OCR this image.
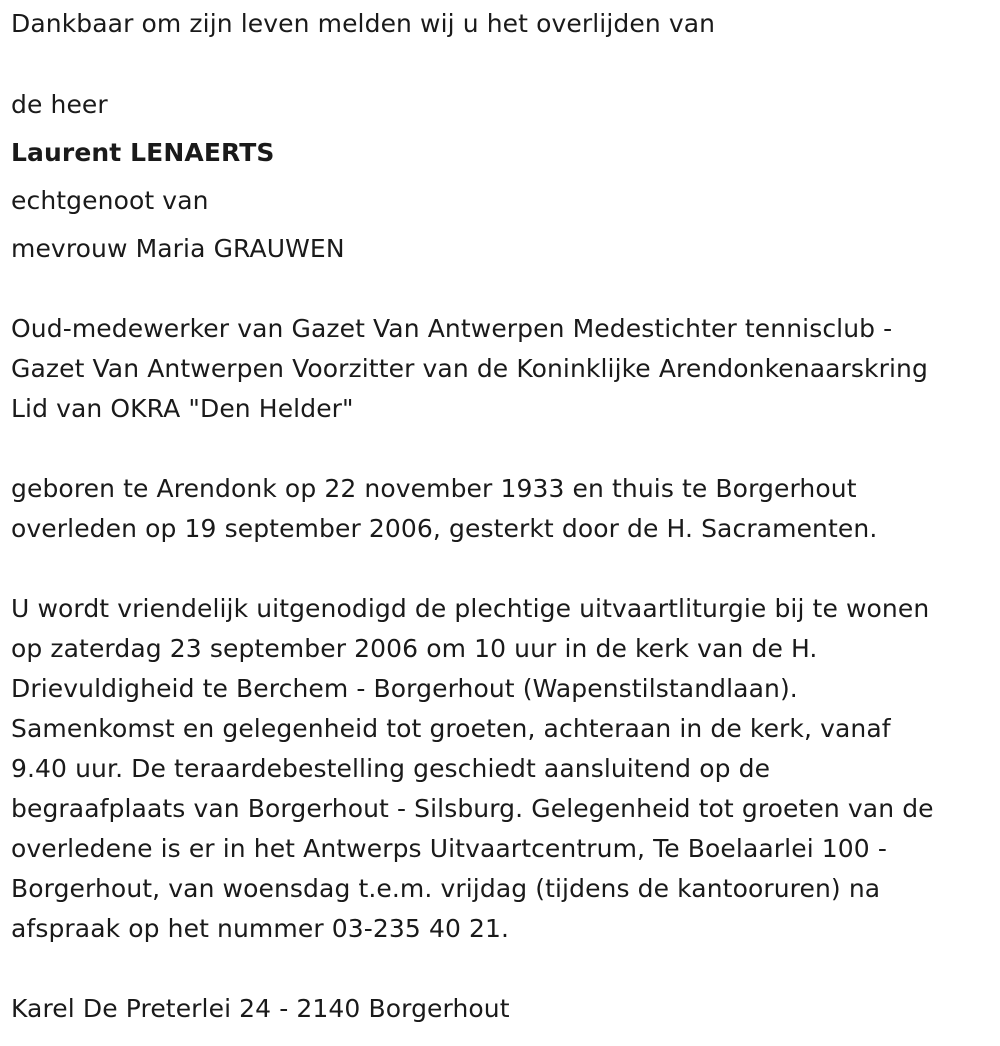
Dankbaar om zijn leven melden wij u het overlijden van
de heer
Laurent LENAERTS
echtgenoot van
mevrouw Maria GRAUWEN
Oud-medewerker van Gazet Van Antwerpen Medestichter tennisclub -
Gazet Van Antwerpen Voorzitter van de Koninklijke Arendonkenaarskring
Lid van OKRA "Den Helder"
geboren te Arendonk op 22 november 1933 en thuis te Borgerhout
overleden op 19 september 2006, gesterkt door de H. Sacramenten.
U wordt vriendelijk uitgenodigd de plechtige uitvaartliturgie bij te wonen
op zaterdag 23 september 2006 om 10 uur in de kerk van de H.
Drievuldigheid te Berchem - Borgerhout (Wapenstilstandlaan).
Samenkomst en gelegenheid tot groeten, achteraan in de kerk, vanaf
9.40 uur. De teraardebestelling geschiedt aansluitend op de
begraafplaats van Borgerhout - Silsburg. Gelegenheid tot groeten van de
overledene is er in het Antwerps Uitvaartcentrum, Te Boelaarlei 100 -
Borgerhout, van woensdag t.e.m. vrijdag (tijdens de kantooruren) na
afspraak op het nummer 03-235 40 21.
Karel De Preterlei 24 - 2140 Borgerhout
